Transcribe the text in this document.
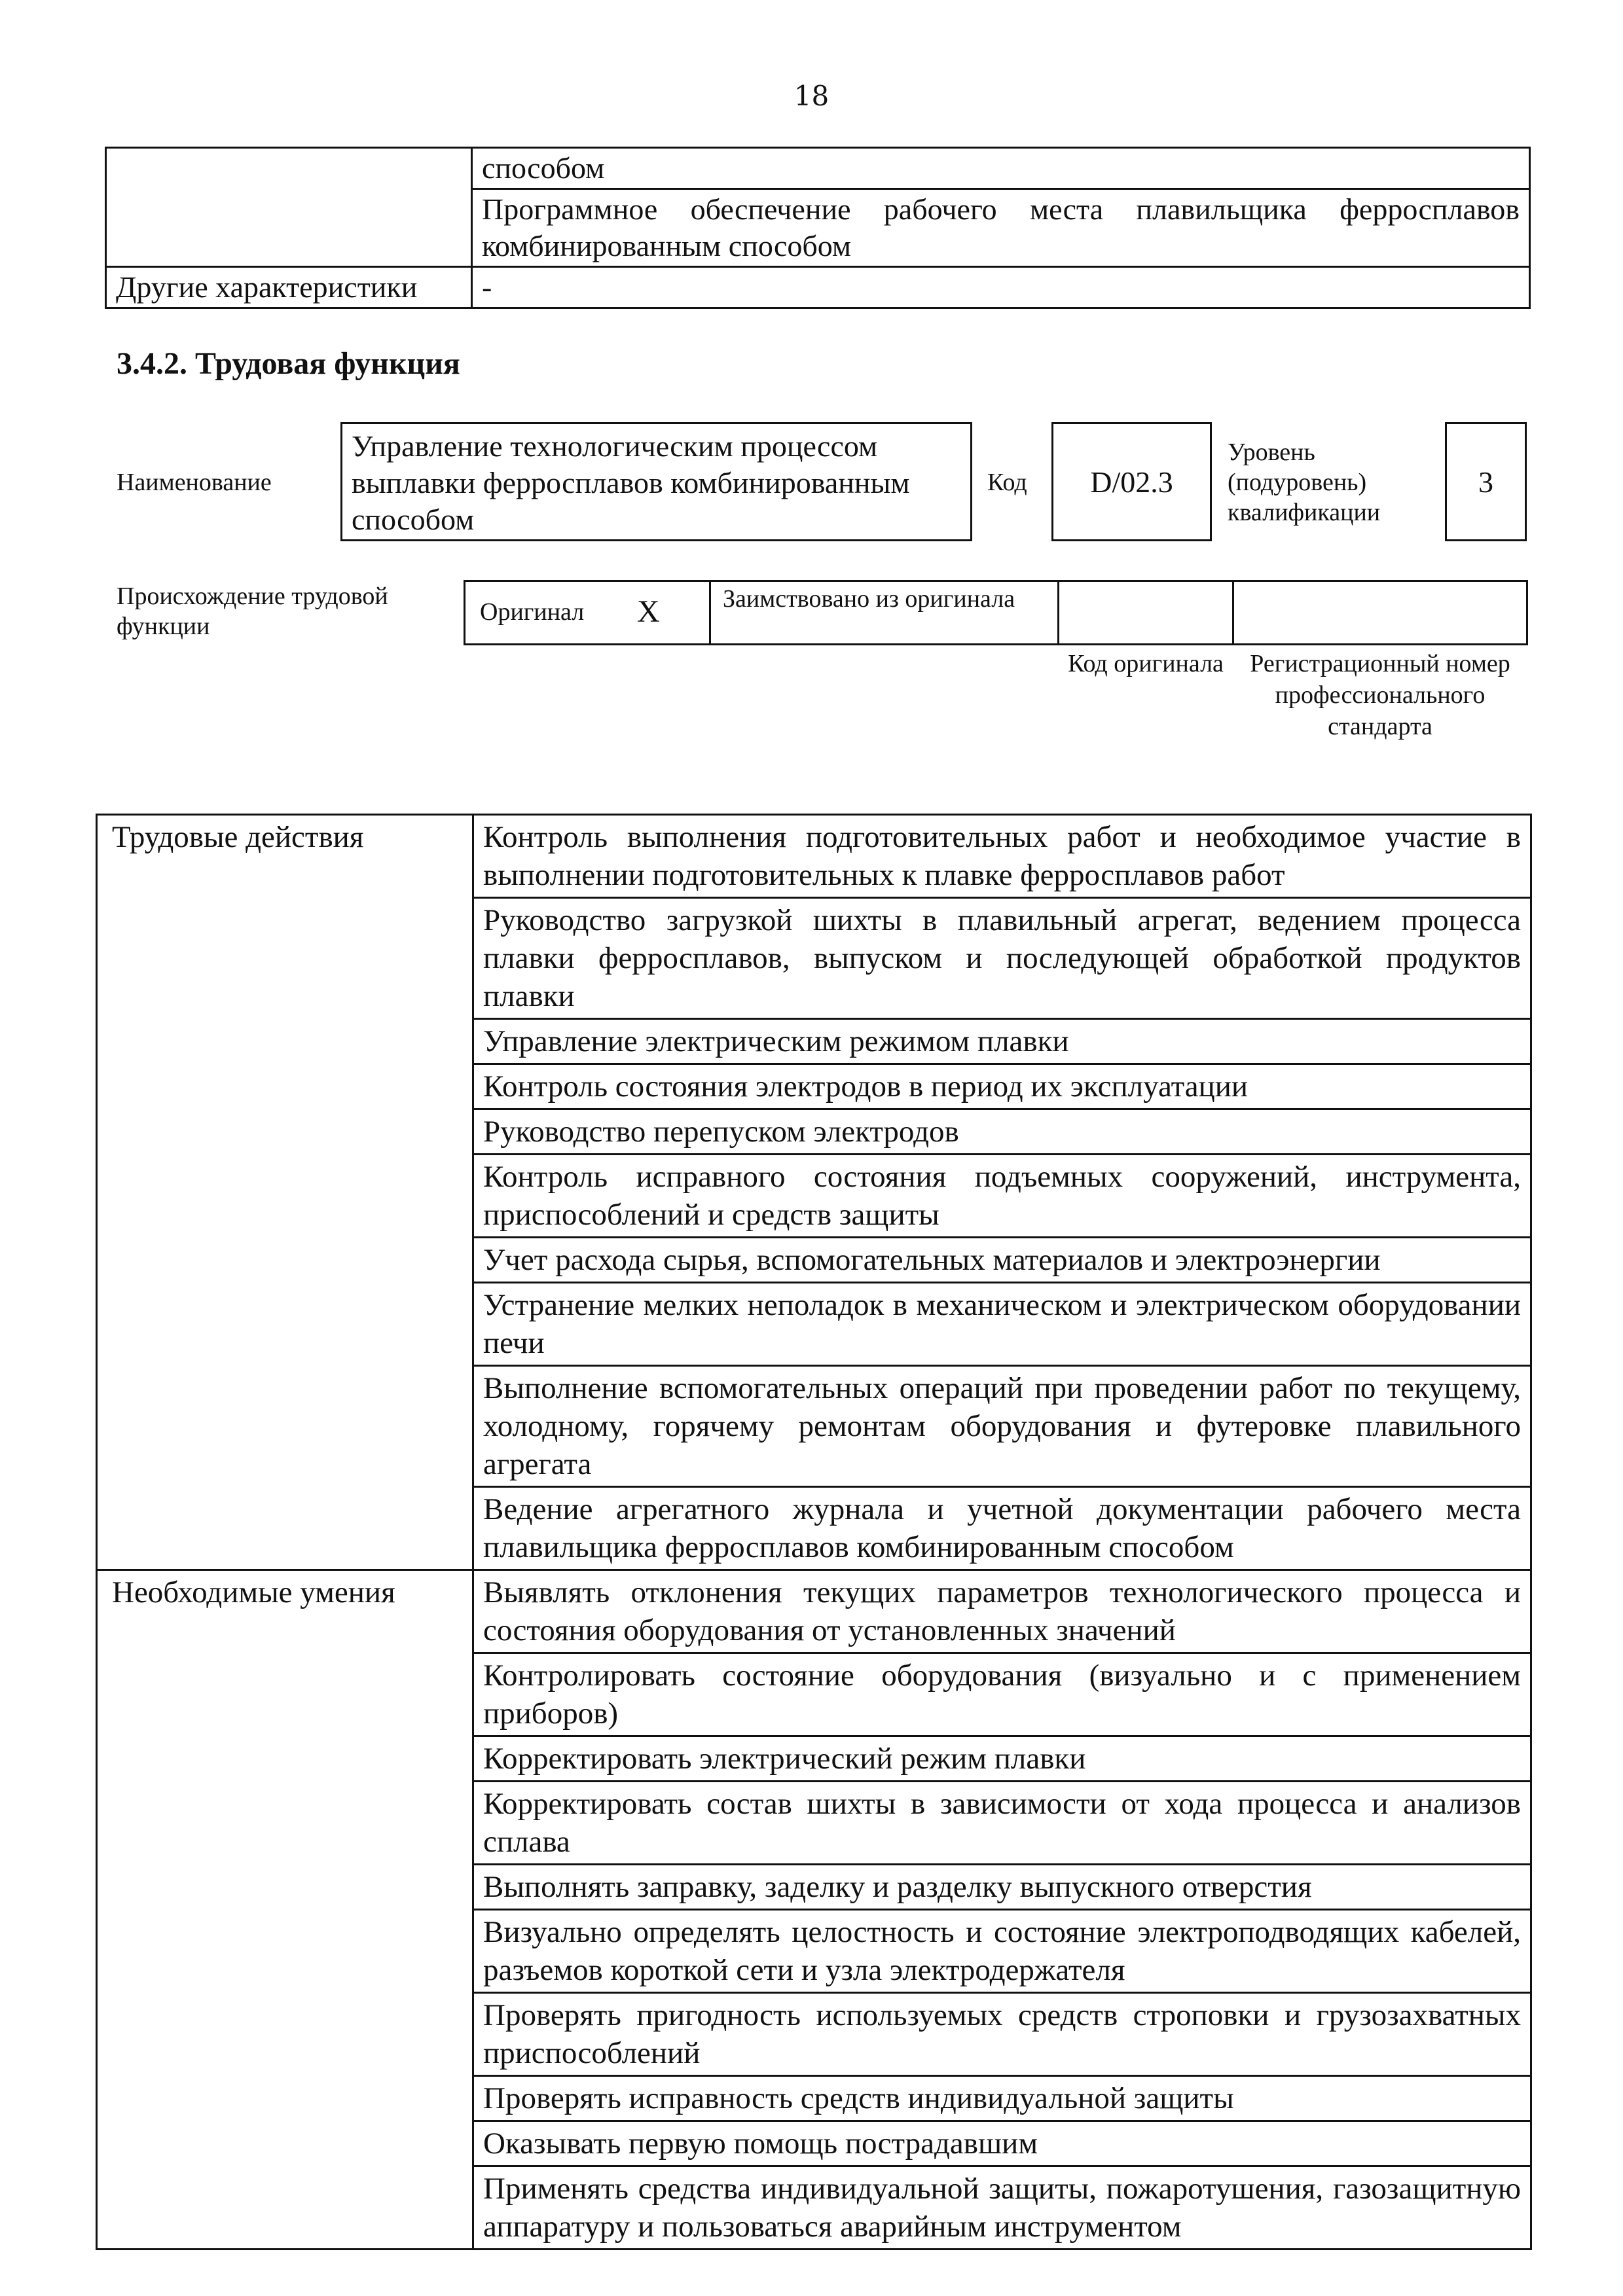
18
	способом
	Программное обеспечение рабочего места плавильщика ферросплавов комбинированным способом
Другие характеристики	-
3.4.2. Трудовая функция
Наименование
Управление технологическим процессом выплавки ферросплавов комбинированным способом
Код	D/02.3
Уровень (подуровень) квалификации
3
Происхождение трудовой функции
Оригинал X	Заимствовано из оригинала
Код оригинала	Регистрационный номер профессионального стандарта
Трудовые действия	Контроль выполнения подготовительных работ и необходимое участие в выполнении подготовительных к плавке ферросплавов работ
	Руководство загрузкой шихты в плавильный агрегат, ведением процесса плавки ферросплавов, выпуском и последующей обработкой продуктов плавки
	Управление электрическим режимом плавки
	Контроль состояния электродов в период их эксплуатации
	Руководство перепуском электродов
	Контроль исправного состояния подъемных сооружений, инструмента, приспособлений и средств защиты
	Учет расхода сырья, вспомогательных материалов и электроэнергии
	Устранение мелких неполадок в механическом и электрическом оборудовании печи
	Выполнение вспомогательных операций при проведении работ по текущему, холодному, горячему ремонтам оборудования и футеровке плавильного агрегата
	Ведение агрегатного журнала и учетной документации рабочего места плавильщика ферросплавов комбинированным способом
Необходимые умения	Выявлять отклонения текущих параметров технологического процесса и состояния оборудования от установленных значений
	Контролировать состояние оборудования (визуально и с применением приборов)
	Корректировать электрический режим плавки
	Корректировать состав шихты в зависимости от хода процесса и анализов сплава
	Выполнять заправку, заделку и разделку выпускного отверстия
	Визуально определять целостность и состояние электроподводящих кабелей, разъемов короткой сети и узла электродержателя
	Проверять пригодность используемых средств строповки и грузозахватных приспособлений
	Проверять исправность средств индивидуальной защиты
	Оказывать первую помощь пострадавшим
	Применять средства индивидуальной защиты, пожаротушения, газозащитную аппаратуру и пользоваться аварийным инструментом
